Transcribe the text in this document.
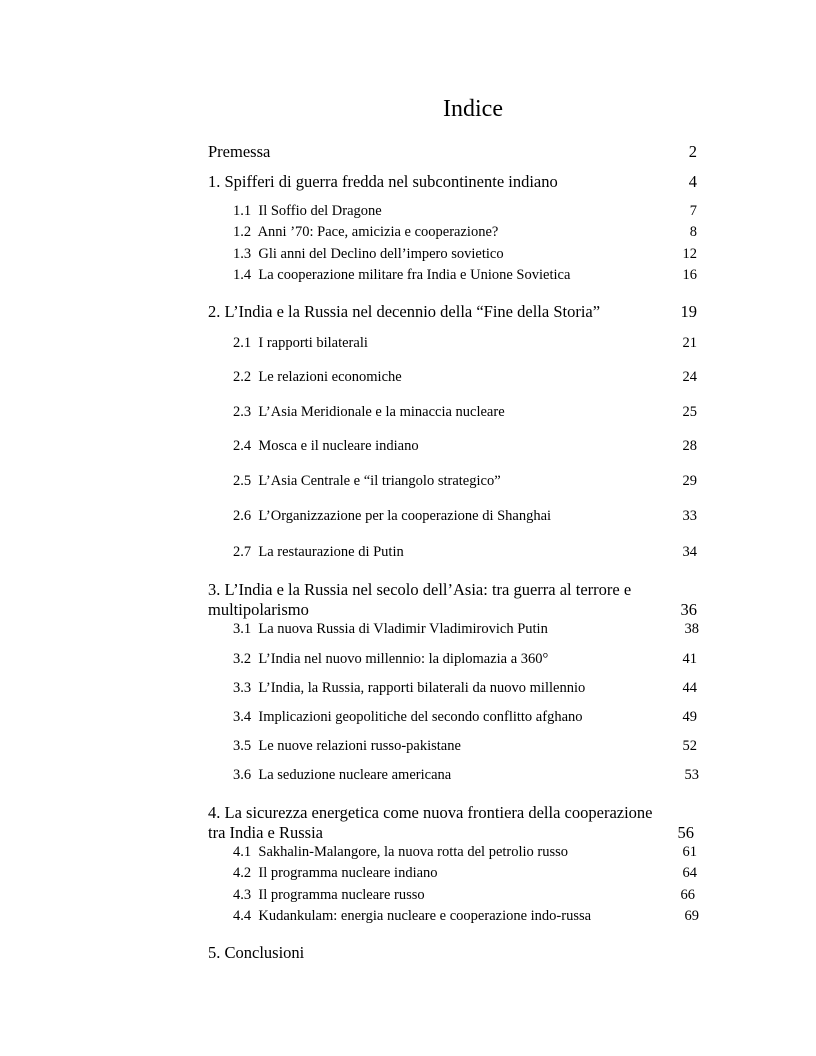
Indice
Premessa	2
1. Spifferi di guerra fredda nel subcontinente indiano	4
1.1 Il Soffio del Dragone	7
1.2 Anni ’70: Pace, amicizia e cooperazione?	8
1.3 Gli anni del Declino dell’impero sovietico	12
1.4 La cooperazione militare fra India e Unione Sovietica	16
2. L’India e la Russia nel decennio della “Fine della Storia”	19
2.1 I rapporti bilaterali	21
2.2 Le relazioni economiche	24
2.3 L’Asia Meridionale e la minaccia nucleare	25
2.4 Mosca e il nucleare indiano	28
2.5 L’Asia Centrale e “il triangolo strategico”	29
2.6 L’Organizzazione per la cooperazione di Shanghai	33
2.7 La restaurazione di Putin	34
3. L’India e la Russia nel secolo dell’Asia: tra guerra al terrore e
multipolarismo	36
3.1 La nuova Russia di Vladimir Vladimirovich Putin	38
3.2 L’India nel nuovo millennio: la diplomazia a 360°	41
3.3 L’India, la Russia, rapporti bilaterali da nuovo millennio	44
3.4 Implicazioni geopolitiche del secondo conflitto afghano	49
3.5 Le nuove relazioni russo-pakistane	52
3.6 La seduzione nucleare americana	53
4. La sicurezza energetica come nuova frontiera della cooperazione
tra India e Russia	56
4.1 Sakhalin-Malangore, la nuova rotta del petrolio russo	61
4.2 Il programma nucleare indiano	64
4.3 Il programma nucleare russo	66
4.4 Kudankulam: energia nucleare e cooperazione indo-russa	69
5. Conclusioni
